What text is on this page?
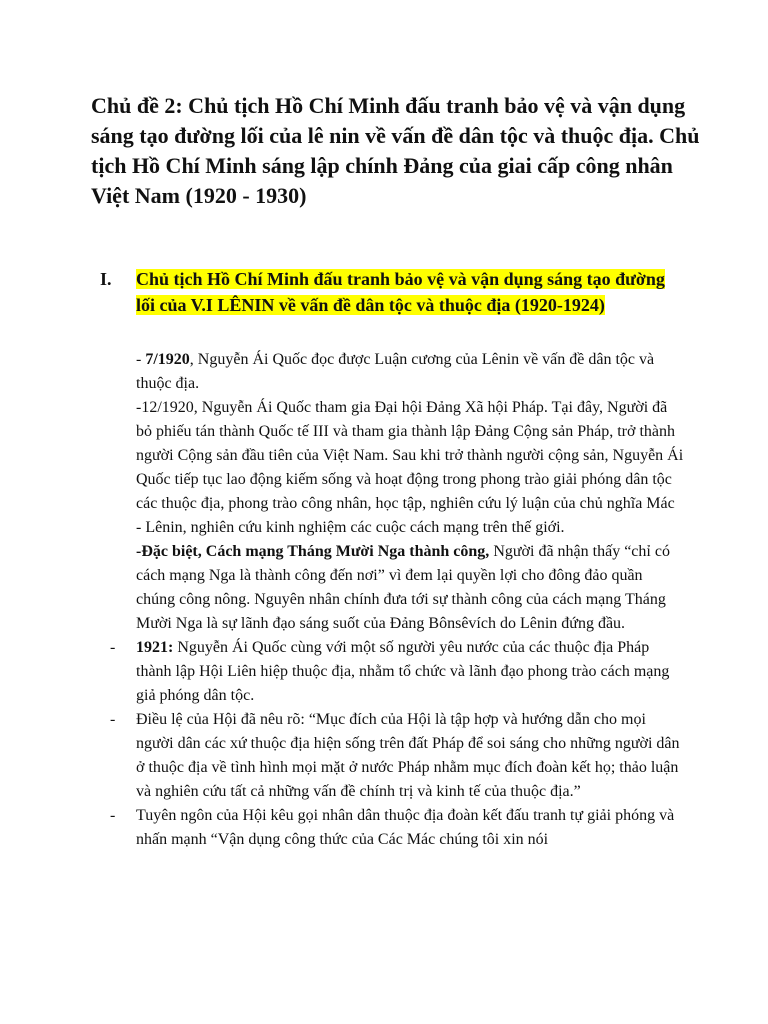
Chủ đề 2: Chủ tịch Hồ Chí Minh đấu tranh bảo vệ và vận dụng sáng tạo đường lối của lê nin về vấn đề dân tộc và thuộc địa. Chủ tịch Hồ Chí Minh sáng lập chính Đảng của giai cấp công nhân Việt Nam (1920 - 1930)
I. Chủ tịch Hồ Chí Minh đấu tranh bảo vệ và vận dụng sáng tạo đường lối của V.I LÊNIN về vấn đề dân tộc và thuộc địa (1920-1924)

- 7/1920, Nguyễn Ái Quốc đọc được Luận cương của Lênin về vấn đề dân tộc và thuộc địa.

-12/1920, Nguyễn Ái Quốc tham gia Đại hội Đảng Xã hội Pháp. Tại đây, Người đã bỏ phiếu tán thành Quốc tế III và tham gia thành lập Đảng Cộng sản Pháp, trở thành người Cộng sản đầu tiên của Việt Nam. Sau khi trở thành người cộng sản, Nguyễn Ái Quốc tiếp tục lao động kiếm sống và hoạt động trong phong trào giải phóng dân tộc các thuộc địa, phong trào công nhân, học tập, nghiên cứu lý luận của chủ nghĩa Mác - Lênin, nghiên cứu kinh nghiệm các cuộc cách mạng trên thế giới.

-Đặc biệt, Cách mạng Tháng Mười Nga thành công, Người đã nhận thấy “chỉ có cách mạng Nga là thành công đến nơi” vì đem lại quyền lợi cho đông đảo quần chúng công nông. Nguyên nhân chính đưa tới sự thành công của cách mạng Tháng Mười Nga là sự lãnh đạo sáng suốt của Đảng Bônsêvích do Lênin đứng đầu.

- 1921: Nguyễn Ái Quốc cùng với một số người yêu nước của các thuộc địa Pháp thành lập Hội Liên hiệp thuộc địa, nhằm tổ chức và lãnh đạo phong trào cách mạng giả phóng dân tộc.

- Điều lệ của Hội đã nêu rõ: “Mục đích của Hội là tập hợp và hướng dẫn cho mọi người dân các xứ thuộc địa hiện sống trên đất Pháp để soi sáng cho những người dân ở thuộc địa về tình hình mọi mặt ở nước Pháp nhằm mục đích đoàn kết họ; thảo luận và nghiên cứu tất cả những vấn đề chính trị và kinh tế của thuộc địa.”

- Tuyên ngôn của Hội kêu gọi nhân dân thuộc địa đoàn kết đấu tranh tự giải phóng và nhấn mạnh “Vận dụng công thức của Các Mác chúng tôi xin nói
